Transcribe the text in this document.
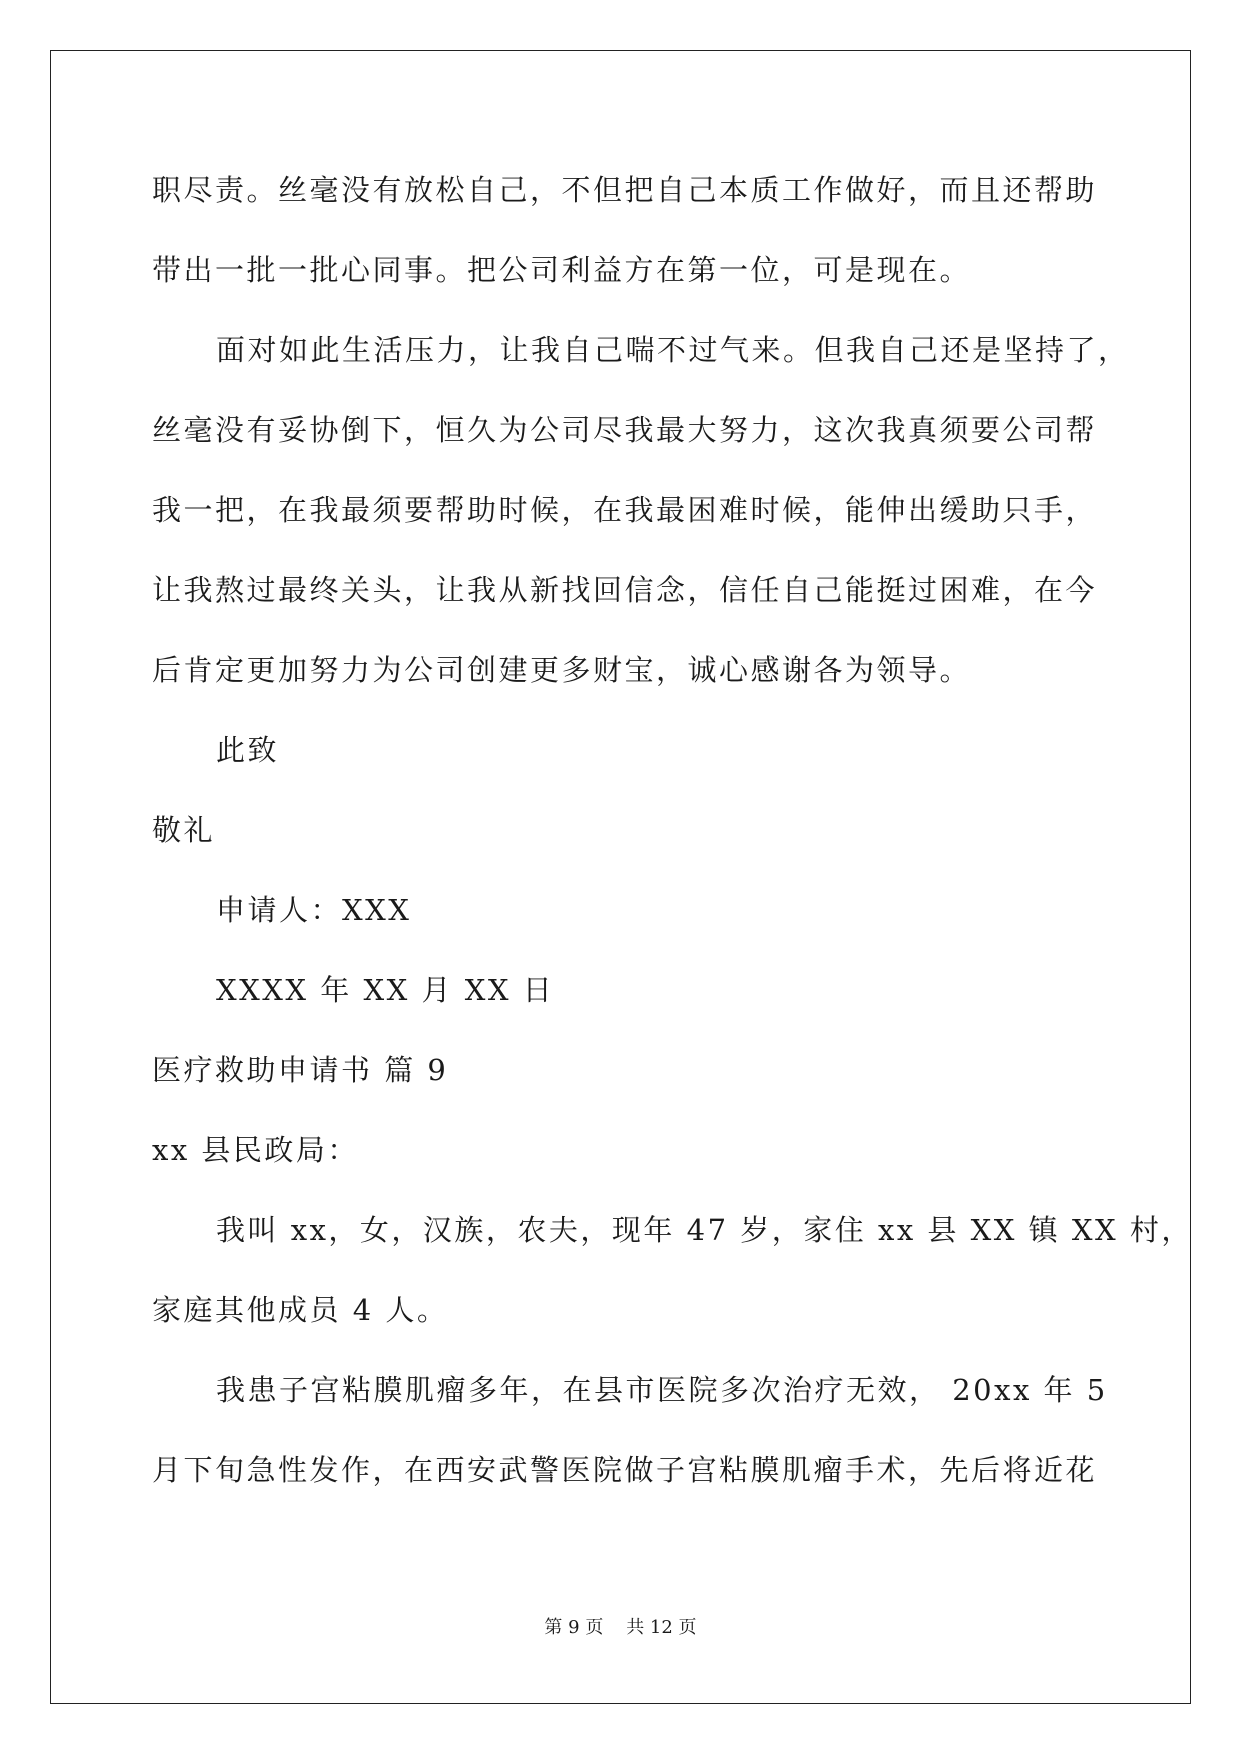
职尽责。丝毫没有放松自己，不但把自己本质工作做好，而且还帮助
带出一批一批心同事。把公司利益方在第一位，可是现在。
面对如此生活压力，让我自己喘不过气来。但我自己还是坚持了，
丝毫没有妥协倒下，恒久为公司尽我最大努力，这次我真须要公司帮
我一把，在我最须要帮助时候，在我最困难时候，能伸出缓助只手，
让我熬过最终关头，让我从新找回信念，信任自己能挺过困难，在今
后肯定更加努力为公司创建更多财宝，诚心感谢各为领导。
此致
敬礼
申请人：XXX
XXXX 年 XX 月 XX 日
医疗救助申请书 篇 9
xx 县民政局：
我叫 xx，女，汉族，农夫，现年 47 岁，家住 xx 县 XX 镇 XX 村，
家庭其他成员 4 人。
我患子宫粘膜肌瘤多年，在县市医院多次治疗无效， 20xx 年 5
月下旬急性发作，在西安武警医院做子宫粘膜肌瘤手术，先后将近花
第 9 页    共 12 页
